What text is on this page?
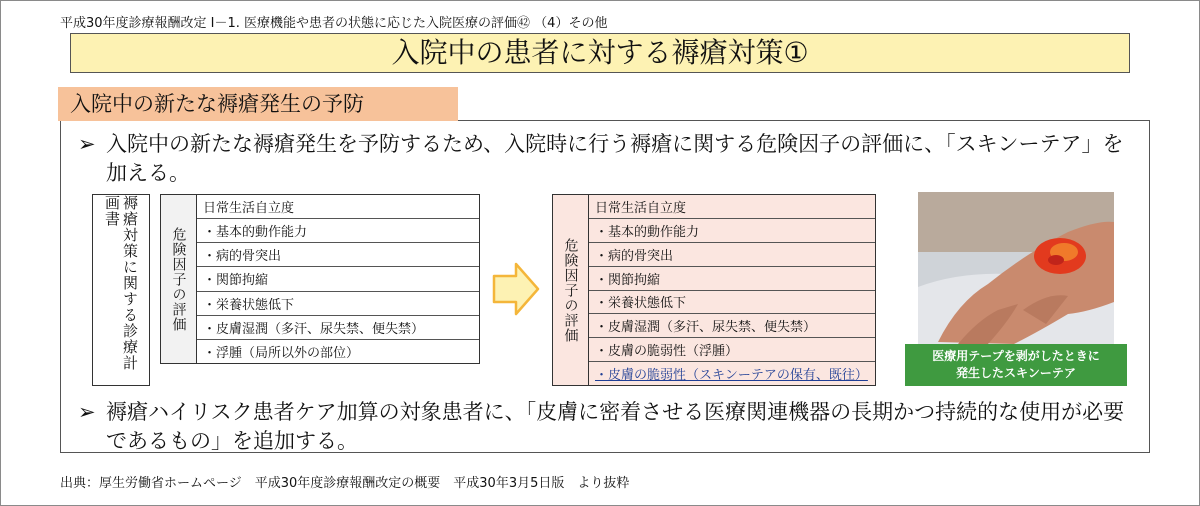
平成30年度診療報酬改定 Ⅰ－1. 医療機能や患者の状態に応じた入院医療の評価㊷ （4）その他
入院中の患者に対する褥瘡対策①
入院中の新たな褥瘡発生の予防
➢ 入院中の新たな褥瘡発生を予防するため、入院時に行う褥瘡に関する危険因子の評価に、「スキンーテア」を加える。
褥瘡対策に関する診療計画書
危険因子の評価
日常生活自立度
・基本的動作能力
・病的骨突出
・関節拘縮
・栄養状態低下
・皮膚湿潤（多汗、尿失禁、便失禁）
・浮腫（局所以外の部位）
危険因子の評価
日常生活自立度
・基本的動作能力
・病的骨突出
・関節拘縮
・栄養状態低下
・皮膚湿潤（多汗、尿失禁、便失禁）
・皮膚の脆弱性（浮腫）
・皮膚の脆弱性（スキンーテアの保有、既往）
医療用テープを剥がしたときに
発生したスキンーテア
➢ 褥瘡ハイリスク患者ケア加算の対象患者に、「皮膚に密着させる医療関連機器の長期かつ持続的な使用が必要であるもの」を追加する。
出典：厚生労働省ホームページ　平成30年度診療報酬改定の概要　平成30年3月5日版　より抜粋
